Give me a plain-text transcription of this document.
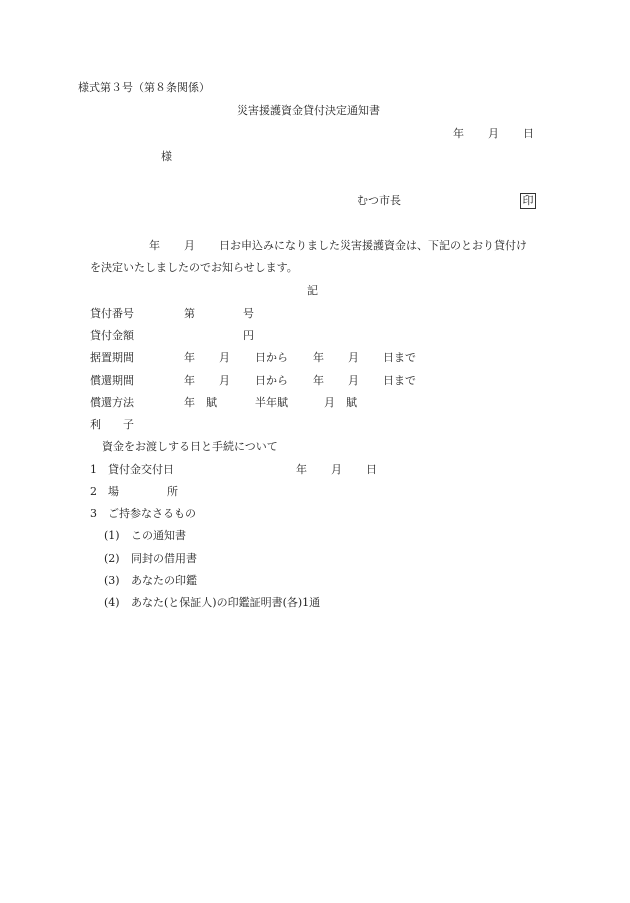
様式第３号（第８条関係）
災害援護資金貸付決定通知書
年 月 日
様
むつ市長	印
年 月 日お申込みになりました災害援護資金は、下記のとおり貸付け
を決定いたしましたのでお知らせします。
記
貸付番号	第	号
貸付金額	円
据置期間	年 月 日から 年 月 日まで
償還期間	年 月 日から 年 月 日まで
償還方法	年　賦	半年賦	月　賦
利　　子
資金をお渡しする日と手続について
1 貸付金交付日	年 月 日
2 場	所
3 ご持参なさるもの
(1) この通知書
(2) 同封の借用書
(3) あなたの印鑑
(4) あなた(と保証人)の印鑑証明書(各)1通
